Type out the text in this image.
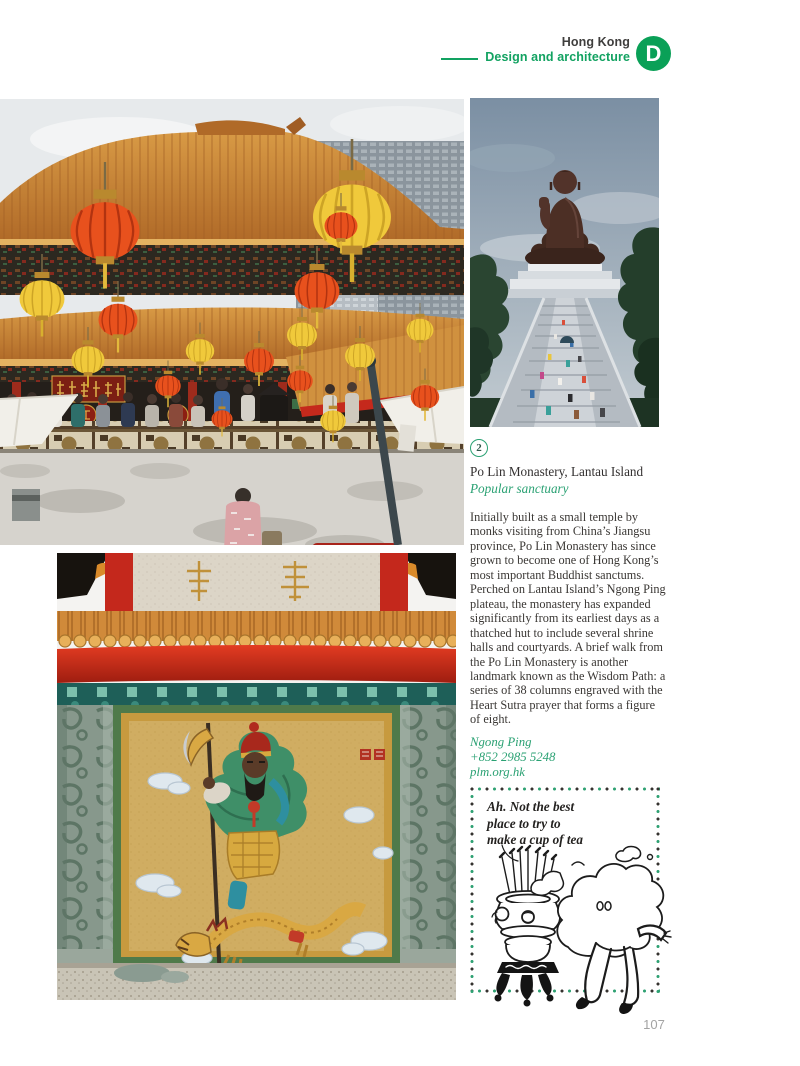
Hong Kong
Design and architecture D
2
Po Lin Monastery, Lantau Island
Popular sanctuary
Initially built as a small temple by monks visiting from China’s Jiangsu province, Po Lin Monastery has since grown to become one of Hong Kong’s most important Buddhist sanctums. Perched on Lantau Island’s Ngong Ping plateau, the monastery has expanded significantly from its earliest days as a thatched hut to include several shrine halls and courtyards. A brief walk from the Po Lin Monastery is another landmark known as the Wisdom Path: a series of 38 columns engraved with the Heart Sutra prayer that forms a figure of eight.
Ngong Ping
+852 2985 5248
plm.org.hk
Ah. Not the best
place to try to
make a cup of tea
107
